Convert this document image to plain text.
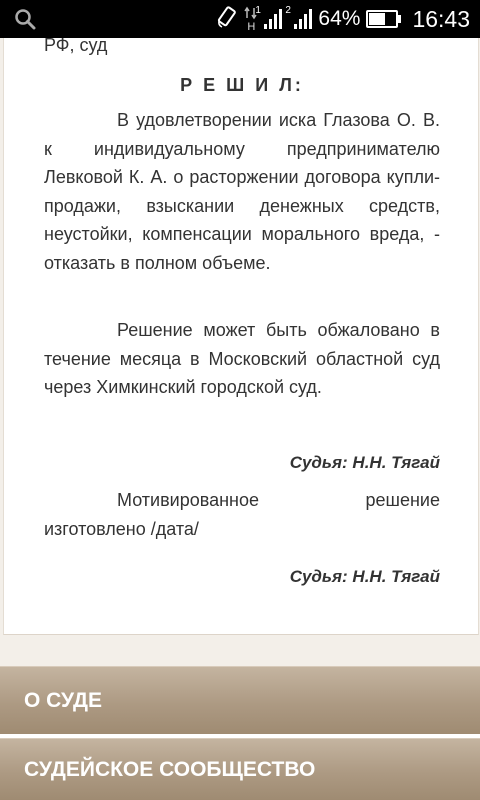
H
1 2 64% 16:43
РФ, суд
Р Е Ш И Л:
В удовлетворении иска Глазова О. В. к индивидуальному предпринимателю Левковой К. А. о расторжении договора купли-продажи, взыскании денежных средств, неустойки, компенсации морального вреда, - отказать в полном объеме.
Решение может быть обжаловано в течение месяца в Московский областной суд через Химкинский городской суд.
Судья: Н.Н. Тягай
Мотивированное	решение
изготовлено /дата/
Судья: Н.Н. Тягай
О СУДЕ
СУДЕЙСКОЕ СООБЩЕСТВО
